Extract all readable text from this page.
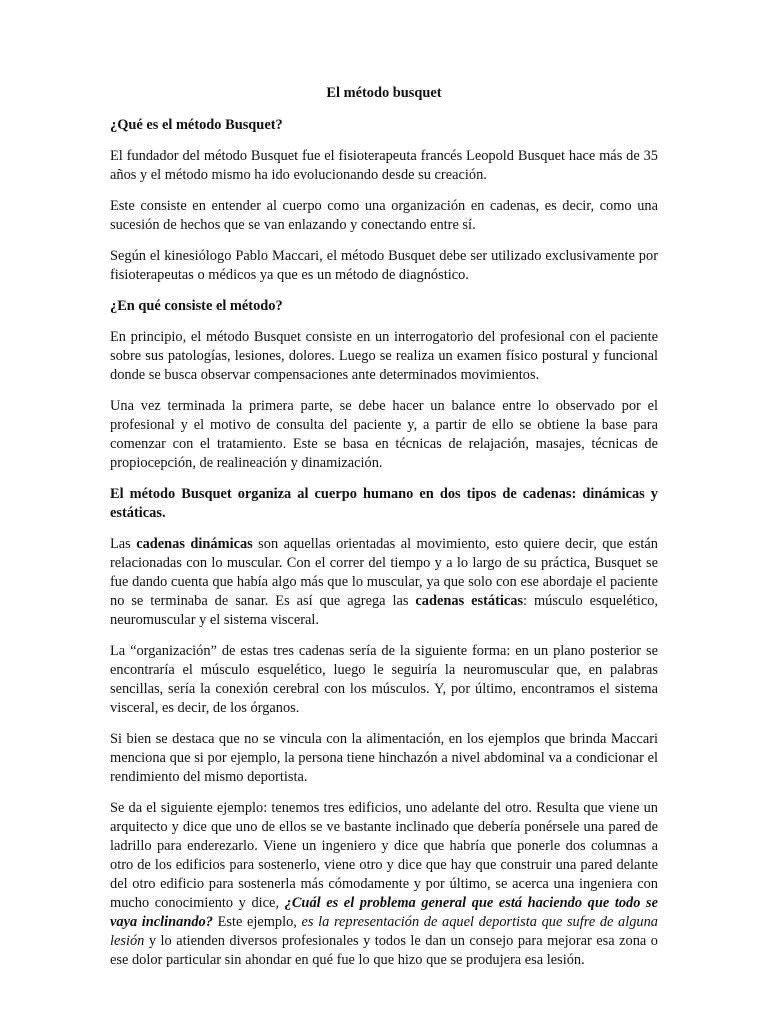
El método busquet
¿Qué es el método Busquet?

El fundador del método Busquet fue el fisioterapeuta francés Leopold Busquet hace más de 35 años y el método mismo ha ido evolucionando desde su creación.

Este consiste en entender al cuerpo como una organización en cadenas, es decir, como una sucesión de hechos que se van enlazando y conectando entre sí.

Según el kinesiólogo Pablo Maccari, el método Busquet debe ser utilizado exclusivamente por fisioterapeutas o médicos ya que es un método de diagnóstico.

¿En qué consiste el método?

En principio, el método Busquet consiste en un interrogatorio del profesional con el paciente sobre sus patologías, lesiones, dolores. Luego se realiza un examen físico postural y funcional donde se busca observar compensaciones ante determinados movimientos.

Una vez terminada la primera parte, se debe hacer un balance entre lo observado por el profesional y el motivo de consulta del paciente y, a partir de ello se obtiene la base para comenzar con el tratamiento. Este se basa en técnicas de relajación, masajes, técnicas de propiocepción, de realineación y dinamización.

El método Busquet organiza al cuerpo humano en dos tipos de cadenas: dinámicas y estáticas.

Las cadenas dinámicas son aquellas orientadas al movimiento, esto quiere decir, que están relacionadas con lo muscular. Con el correr del tiempo y a lo largo de su práctica, Busquet se fue dando cuenta que había algo más que lo muscular, ya que solo con ese abordaje el paciente no se terminaba de sanar. Es así que agrega las cadenas estáticas: músculo esquelético, neuromuscular y el sistema visceral.

La “organización” de estas tres cadenas sería de la siguiente forma: en un plano posterior se encontraría el músculo esquelético, luego le seguiría la neuromuscular que, en palabras sencillas, sería la conexión cerebral con los músculos. Y, por último, encontramos el sistema visceral, es decir, de los órganos.

Si bien se destaca que no se vincula con la alimentación, en los ejemplos que brinda Maccari menciona que si por ejemplo, la persona tiene hinchazón a nivel abdominal va a condicionar el rendimiento del mismo deportista.

Se da el siguiente ejemplo: tenemos tres edificios, uno adelante del otro. Resulta que viene un arquitecto y dice que uno de ellos se ve bastante inclinado que debería ponérsele una pared de ladrillo para enderezarlo. Viene un ingeniero y dice que habría que ponerle dos columnas a otro de los edificios para sostenerlo, viene otro y dice que hay que construir una pared delante del otro edificio para sostenerla más cómodamente y por último, se acerca una ingeniera con mucho conocimiento y dice, ¿Cuál es el problema general que está haciendo que todo se vaya inclinando? Este ejemplo, es la representación de aquel deportista que sufre de alguna lesión y lo atienden diversos profesionales y todos le dan un consejo para mejorar esa zona o ese dolor particular sin ahondar en qué fue lo que hizo que se produjera esa lesión.
